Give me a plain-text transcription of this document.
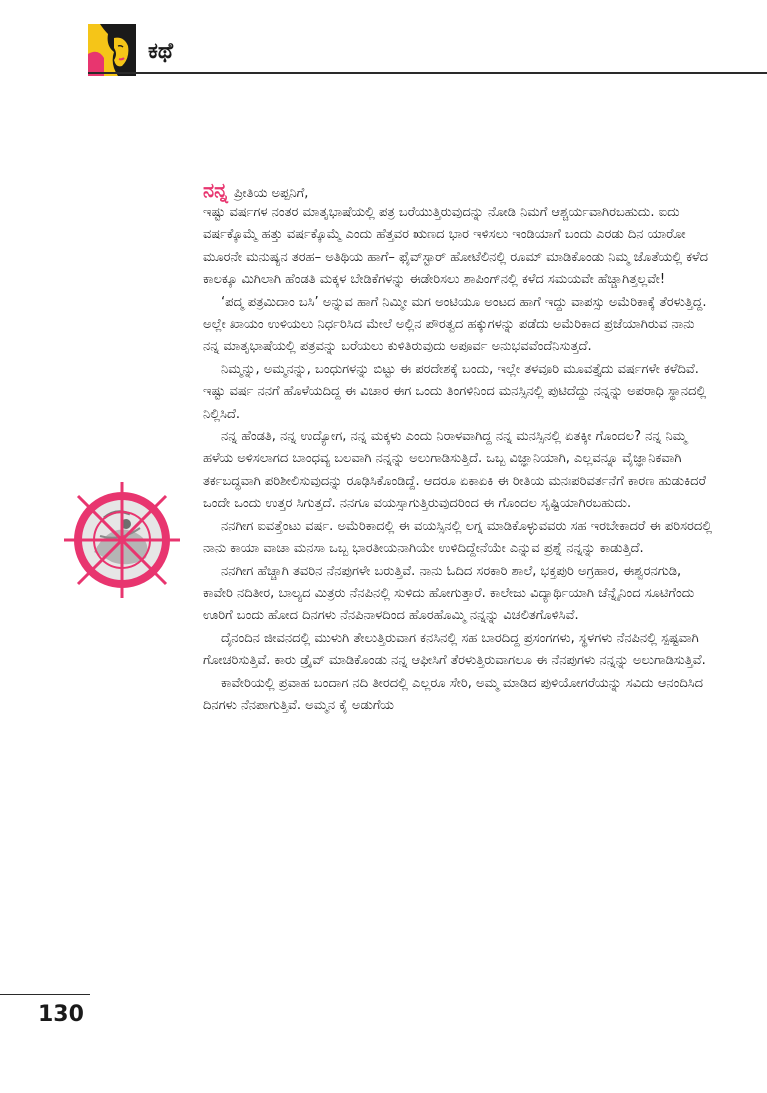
ಕಥೆ
ನನ್ನ ಪ್ರೀತಿಯ ಅಪ್ಪನಿಗೆ,

ಇಷ್ಟು ವರ್ಷಗಳ ನಂತರ ಮಾತೃಭಾಷೆಯಲ್ಲಿ ಪತ್ರ ಬರೆಯುತ್ತಿರುವುದನ್ನು ನೋಡಿ ನಿಮಗೆ ಆಶ್ಚರ್ಯವಾಗಿರಬಹುದು. ಐದು ವರ್ಷಕ್ಕೊಮ್ಮೆ ಹತ್ತು ವರ್ಷಕ್ಕೊಮ್ಮೆ ಎಂದು ಹೆತ್ತವರ ಋಣದ ಭಾರ ಇಳಿಸಲು ಇಂಡಿಯಾಗೆ ಬಂದು ಎರಡು ದಿನ ಯಾರೋ ಮೂರನೇ ಮನುಷ್ಯನ ತರಹ– ಅತಿಥಿಯ ಹಾಗೆ– ಫೈವ್‌ಸ್ಟಾರ್ ಹೋಟೆಲಿನಲ್ಲಿ ರೂಮ್ ಮಾಡಿಕೊಂಡು ನಿಮ್ಮ ಜೊತೆಯಲ್ಲಿ ಕಳೆದ ಕಾಲಕ್ಕೂ ಮಿಗಿಲಾಗಿ ಹೆಂಡತಿ ಮಕ್ಕಳ ಬೇಡಿಕೆಗಳನ್ನು ಈಡೇರಿಸಲು ಶಾಪಿಂಗ್‌ನಲ್ಲಿ ಕಳೆದ ಸಮಯವೇ ಹೆಚ್ಚಾಗಿತ್ತಲ್ಲವೇ!

‘ಪದ್ಮ ಪತ್ರಮಿದಾಂ ಬಸಿ’ ಅನ್ನುವ ಹಾಗೆ ನಿಮ್ಮೀ ಮಗ ಅಂಟಿಯೂ ಅಂಟದ ಹಾಗೆ ಇದ್ದು ವಾಪಸ್ಸು ಅಮೆರಿಕಾಕ್ಕೆ ತೆರಳುತ್ತಿದ್ದ. ಅಲ್ಲೇ ಖಾಯಂ ಉಳಿಯಲು ನಿರ್ಧರಿಸಿದ ಮೇಲೆ ಅಲ್ಲಿನ ಪೌರತ್ವದ ಹಕ್ಕುಗಳನ್ನು ಪಡೆದು ಅಮೆರಿಕಾದ ಪ್ರಜೆಯಾಗಿರುವ ನಾನು ನನ್ನ ಮಾತೃಭಾಷೆಯಲ್ಲಿ ಪತ್ರವನ್ನು ಬರೆಯಲು ಕುಳಿತಿರುವುದು ಅಪೂರ್ವ ಅನುಭವವೆಂದೆನಿಸುತ್ತದೆ.

ನಿಮ್ಮನ್ನು, ಅಮ್ಮನನ್ನು, ಬಂಧುಗಳನ್ನು ಬಿಟ್ಟು ಈ ಪರದೇಶಕ್ಕೆ ಬಂದು, ಇಲ್ಲೇ ತಳವೂರಿ ಮೂವತ್ತೈದು ವರ್ಷಗಳೇ ಕಳೆದಿವೆ. ಇಷ್ಟು ವರ್ಷ ನನಗೆ ಹೊಳೆಯದಿದ್ದ ಈ ವಿಚಾರ ಈಗ ಒಂದು ತಿಂಗಳಿನಿಂದ ಮನಸ್ಸಿನಲ್ಲಿ ಪುಟಿದೆದ್ದು ನನ್ನನ್ನು ಅಪರಾಧಿ ಸ್ಥಾನದಲ್ಲಿ ನಿಲ್ಲಿಸಿದೆ.

ನನ್ನ ಹೆಂಡತಿ, ನನ್ನ ಉದ್ಯೋಗ, ನನ್ನ ಮಕ್ಕಳು ಎಂದು ನಿರಾಳವಾಗಿದ್ದ ನನ್ನ ಮನಸ್ಸಿನಲ್ಲಿ ಏತಕ್ಕೀ ಗೊಂದಲ? ನನ್ನ ನಿಮ್ಮ ಹಳೆಯ ಅಳಿಸಲಾಗದ ಬಾಂಧವ್ಯ ಬಲವಾಗಿ ನನ್ನನ್ನು ಅಲುಗಾಡಿಸುತ್ತಿದೆ. ಒಬ್ಬ ವಿಜ್ಞಾನಿಯಾಗಿ, ಎಲ್ಲವನ್ನೂ ವೈಜ್ಞಾನಿಕವಾಗಿ ತರ್ಕಬದ್ಧವಾಗಿ ಪರಿಶೀಲಿಸುವುದನ್ನು ರೂಢಿಸಿಕೊಂಡಿದ್ದೆ. ಆದರೂ ಏಕಾಏಕಿ ಈ ರೀತಿಯ ಮನಃಪರಿವರ್ತನೆಗೆ ಕಾರಣ ಹುಡುಕಿದರೆ ಒಂದೇ ಒಂದು ಉತ್ತರ ಸಿಗುತ್ತದೆ. ನನಗೂ ವಯಸ್ಸಾಗುತ್ತಿರುವುದರಿಂದ ಈ ಗೊಂದಲ ಸೃಷ್ಟಿಯಾಗಿರಬಹುದು.

ನನಗೀಗ ಐವತ್ತೆಂಟು ವರ್ಷ. ಅಮೆರಿಕಾದಲ್ಲಿ ಈ ವಯಸ್ಸಿನಲ್ಲಿ ಲಗ್ನ ಮಾಡಿಕೊಳ್ಳುವವರು ಸಹ ಇರಬೇಕಾದರೆ ಈ ಪರಿಸರದಲ್ಲಿ ನಾನು ಕಾಯಾ ವಾಚಾ ಮನಸಾ ಒಬ್ಬ ಭಾರತೀಯನಾಗಿಯೇ ಉಳಿದಿದ್ದೇನೆಯೇ ಎನ್ನುವ ಪ್ರಶ್ನೆ ನನ್ನನ್ನು ಕಾಡುತ್ತಿದೆ.

ನನಗೀಗ ಹೆಚ್ಚಾಗಿ ತವರಿನ ನೆನಪುಗಳೇ ಬರುತ್ತಿವೆ. ನಾನು ಓದಿದ ಸರಕಾರಿ ಶಾಲೆ, ಭಕ್ತಪುರಿ ಅಗ್ರಹಾರ, ಈಶ್ವರನಗುಡಿ, ಕಾವೇರಿ ನದಿತೀರ, ಬಾಲ್ಯದ ಮಿತ್ರರು ನೆನಪಿನಲ್ಲಿ ಸುಳಿದು ಹೋಗುತ್ತಾರೆ. ಕಾಲೇಜು ವಿದ್ಯಾರ್ಥಿಯಾಗಿ ಚೆನ್ನೈನಿಂದ ಸೂಟಿಗೆಂದು ಊರಿಗೆ ಬಂದು ಹೋದ ದಿನಗಳು ನೆನಪಿನಾಳದಿಂದ ಹೊರಹೊಮ್ಮಿ ನನ್ನನ್ನು ವಿಚಲಿತಗೊಳಿಸಿವೆ.

ದೈನಂದಿನ ಜೀವನದಲ್ಲಿ ಮುಳುಗಿ ತೇಲುತ್ತಿರುವಾಗ ಕನಸಿನಲ್ಲಿ ಸಹ ಬಾರದಿದ್ದ ಪ್ರಸಂಗಗಳು, ಸ್ಥಳಗಳು ನೆನಪಿನಲ್ಲಿ ಸ್ಪಷ್ಟವಾಗಿ ಗೋಚರಿಸುತ್ತಿವೆ. ಕಾರು ಡ್ರೈವ್ ಮಾಡಿಕೊಂಡು ನನ್ನ ಆಫೀಸಿಗೆ ತೆರಳುತ್ತಿರುವಾಗಲೂ ಈ ನೆನಪುಗಳು ನನ್ನನ್ನು ಅಲುಗಾಡಿಸುತ್ತಿವೆ.

ಕಾವೇರಿಯಲ್ಲಿ ಪ್ರವಾಹ ಬಂದಾಗ ನದಿ ತೀರದಲ್ಲಿ ಎಲ್ಲರೂ ಸೇರಿ, ಅಮ್ಮ ಮಾಡಿದ ಪುಳಿಯೋಗರೆಯನ್ನು ಸವಿದು ಆನಂದಿಸಿದ ದಿನಗಳು ನೆನಪಾಗುತ್ತಿವೆ. ಅಮ್ಮನ ಕೈ ಅಡುಗೆಯ

130
